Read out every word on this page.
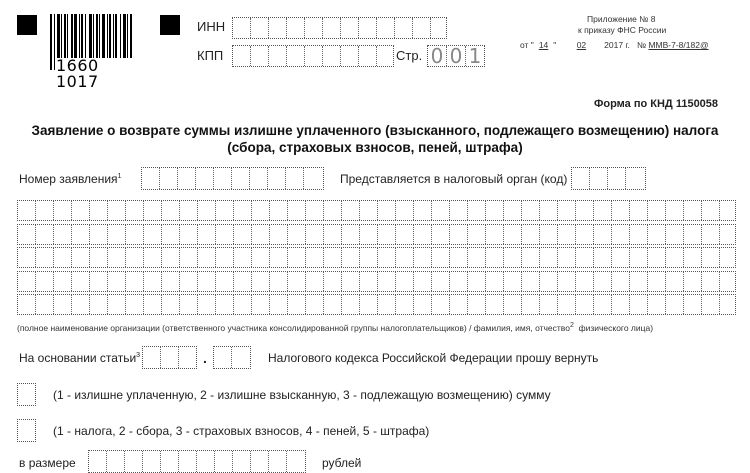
1660 1017
ИНН
КПП	Стр. 0 0 1
Приложение № 8
к приказу ФНС России
от " 14 " 02 2017 г. № ММВ-7-8/182@
Форма по КНД 1150058
Заявление о возврате суммы излишне уплаченного (взысканного, подлежащего возмещению) налога
(сбора, страховых взносов, пеней, штрафа)
Номер заявления$^1$	Представляется в налоговый орган (код)
(полное наименование организации (ответственного участника консолидированной группы налогоплательщиков) / фамилия, имя, отчество$^2$ физического лица)
На основании статьи$^3$	.	Налогового кодекса Российской Федерации прошу вернуть
(1 - излишне уплаченную, 2 - излишне взысканную, 3 - подлежащую возмещению) сумму
(1 - налога, 2 - сбора, 3 - страховых взносов, 4 - пеней, 5 - штрафа)
в размере	рублей
